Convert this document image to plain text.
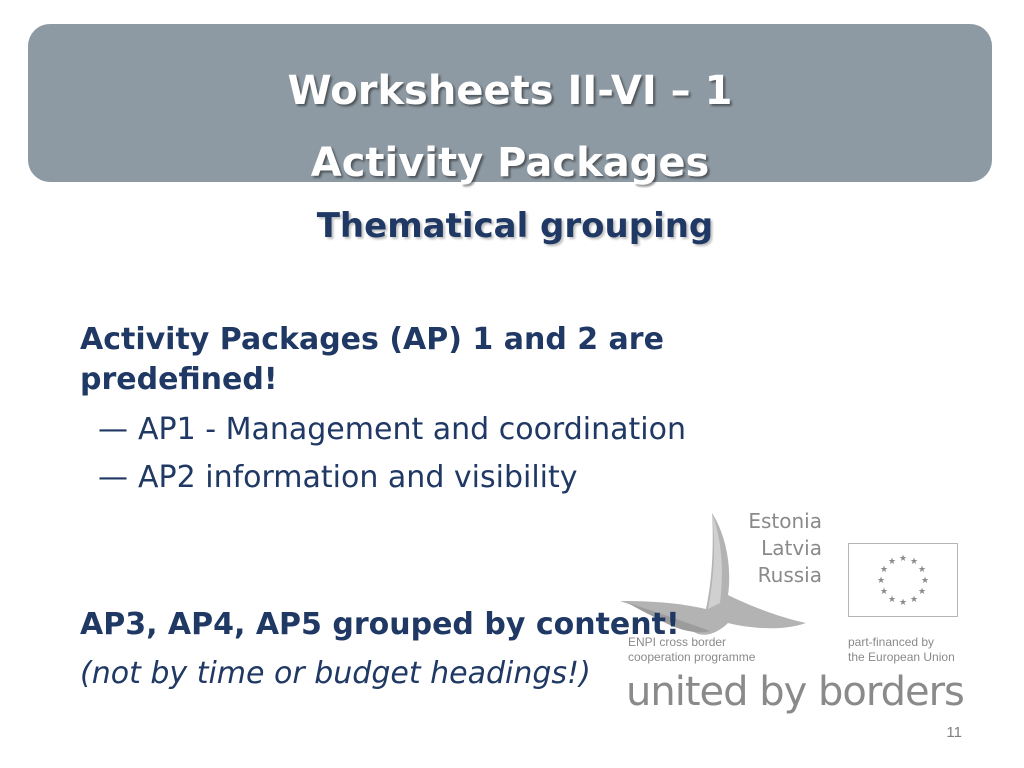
Worksheets II-VI – 1
Activity Packages
Thematical grouping
Activity Packages (AP) 1 and 2 are
predefined!
— AP1 - Management and coordination
— AP2 information and visibility
Estonia
Latvia
Russia
ENPI cross border
cooperation programme
★ ★
★
★
★
★
★
★
★
★
★
★
part-financed by
the European Union
united by borders
AP3, AP4, AP5 grouped by content!
(not by time or budget headings!)
11
